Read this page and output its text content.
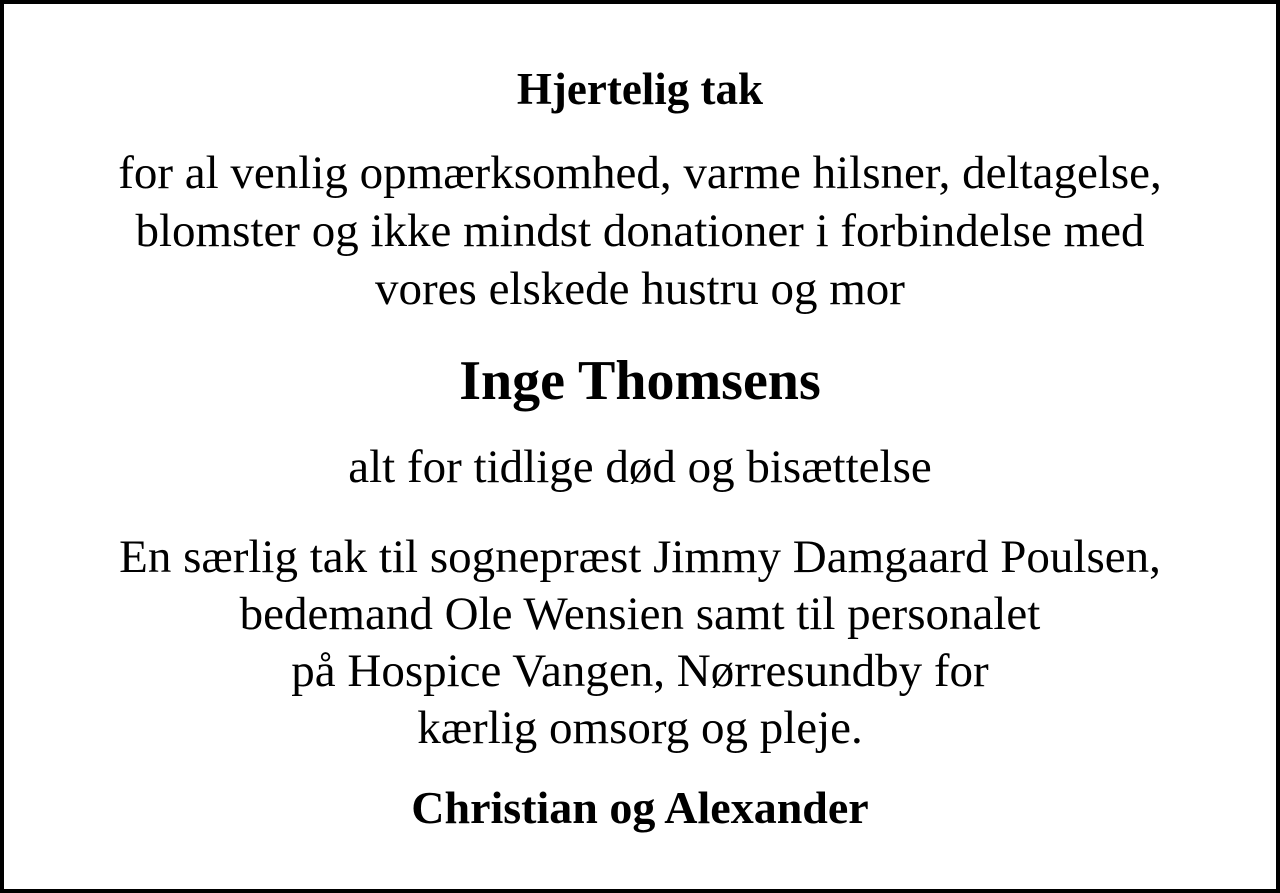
Hjertelig tak

for al venlig opmærksomhed, varme hilsner, deltagelse,

blomster og ikke mindst donationer i forbindelse med

vores elskede hustru og mor

Inge Thomsens

alt for tidlige død og bisættelse

En særlig tak til sognepræst Jimmy Damgaard Poulsen,

bedemand Ole Wensien samt til personalet

på Hospice Vangen, Nørresundby for

kærlig omsorg og pleje.

Christian og Alexander
